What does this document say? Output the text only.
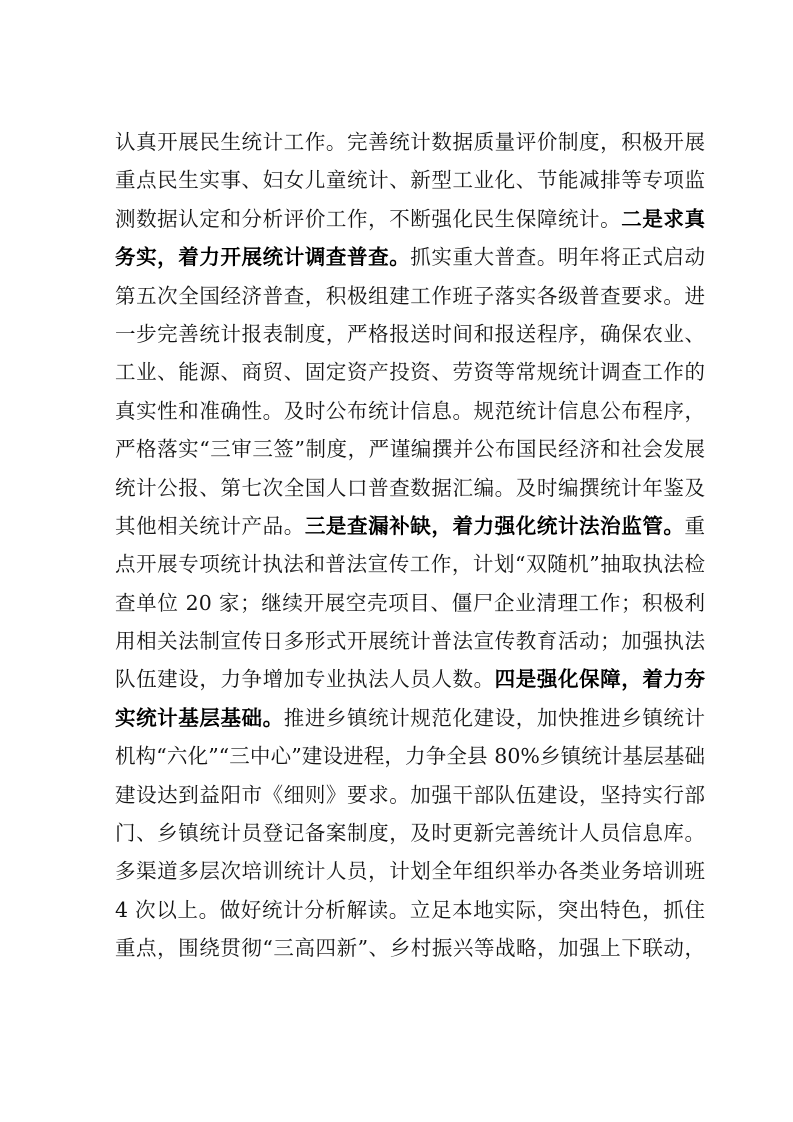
认真开展民生统计工作。完善统计数据质量评价制度，积极开展
重点民生实事、妇女儿童统计、新型工业化、节能减排等专项监
测数据认定和分析评价工作，不断强化民生保障统计。二是求真
务实，着力开展统计调查普查。抓实重大普查。明年将正式启动
第五次全国经济普查，积极组建工作班子落实各级普查要求。进
一步完善统计报表制度，严格报送时间和报送程序，确保农业、
工业、能源、商贸、固定资产投资、劳资等常规统计调查工作的
真实性和准确性。及时公布统计信息。规范统计信息公布程序，
严格落实“三审三签”制度，严谨编撰并公布国民经济和社会发展
统计公报、第七次全国人口普查数据汇编。及时编撰统计年鉴及
其他相关统计产品。三是查漏补缺，着力强化统计法治监管。重
点开展专项统计执法和普法宣传工作，计划“双随机”抽取执法检
查单位 20 家；继续开展空壳项目、僵尸企业清理工作；积极利
用相关法制宣传日多形式开展统计普法宣传教育活动；加强执法
队伍建设，力争增加专业执法人员人数。四是强化保障，着力夯
实统计基层基础。推进乡镇统计规范化建设，加快推进乡镇统计
机构“六化”“三中心”建设进程，力争全县 80%乡镇统计基层基础
建设达到益阳市《细则》要求。加强干部队伍建设，坚持实行部
门、乡镇统计员登记备案制度，及时更新完善统计人员信息库。
多渠道多层次培训统计人员，计划全年组织举办各类业务培训班
4 次以上。做好统计分析解读。立足本地实际，突出特色，抓住
重点，围绕贯彻“三高四新”、乡村振兴等战略，加强上下联动，
